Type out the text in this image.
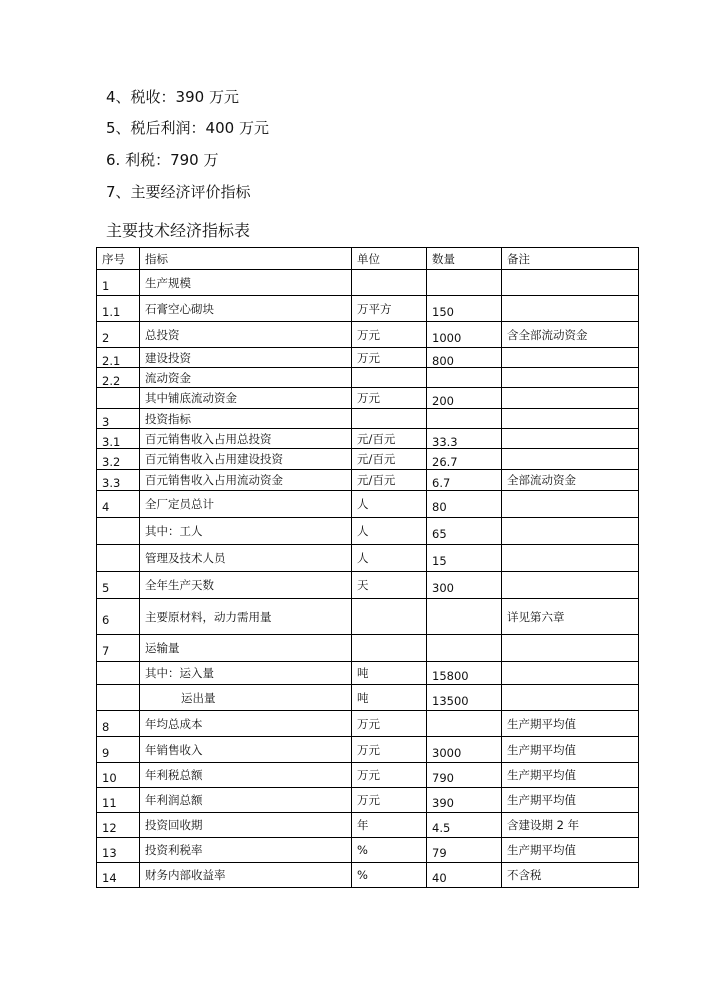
4、税收：390 万元
5、税后利润：400 万元
6. 利税：790 万
7、主要经济评价指标
主要技术经济指标表
序号	指标	单位	数量	备注
1	生产规模			
1.1	石膏空心砌块	万平方	150	
2	总投资	万元	1000	含全部流动资金
2.1	建设投资	万元	800	
2.2	流动资金			
	其中铺底流动资金	万元	200	
3	投资指标			
3.1	百元销售收入占用总投资	元/百元	33.3	
3.2	百元销售收入占用建设投资	元/百元	26.7	
3.3	百元销售收入占用流动资金	元/百元	6.7	全部流动资金
4	全厂定员总计	人	80	
	其中：工人	人	65	
	管理及技术人员	人	15	
5	全年生产天数	天	300	
6	主要原材料，动力需用量			详见第六章
7	运输量			
	其中：运入量	吨	15800	
	运出量	吨	13500	
8	年均总成本	万元		生产期平均值
9	年销售收入	万元	3000	生产期平均值
10	年利税总额	万元	790	生产期平均值
11	年利润总额	万元	390	生产期平均值
12	投资回收期	年	4.5	含建设期 2 年
13	投资利税率	%	79	生产期平均值
14	财务内部收益率	%	40	不含税
